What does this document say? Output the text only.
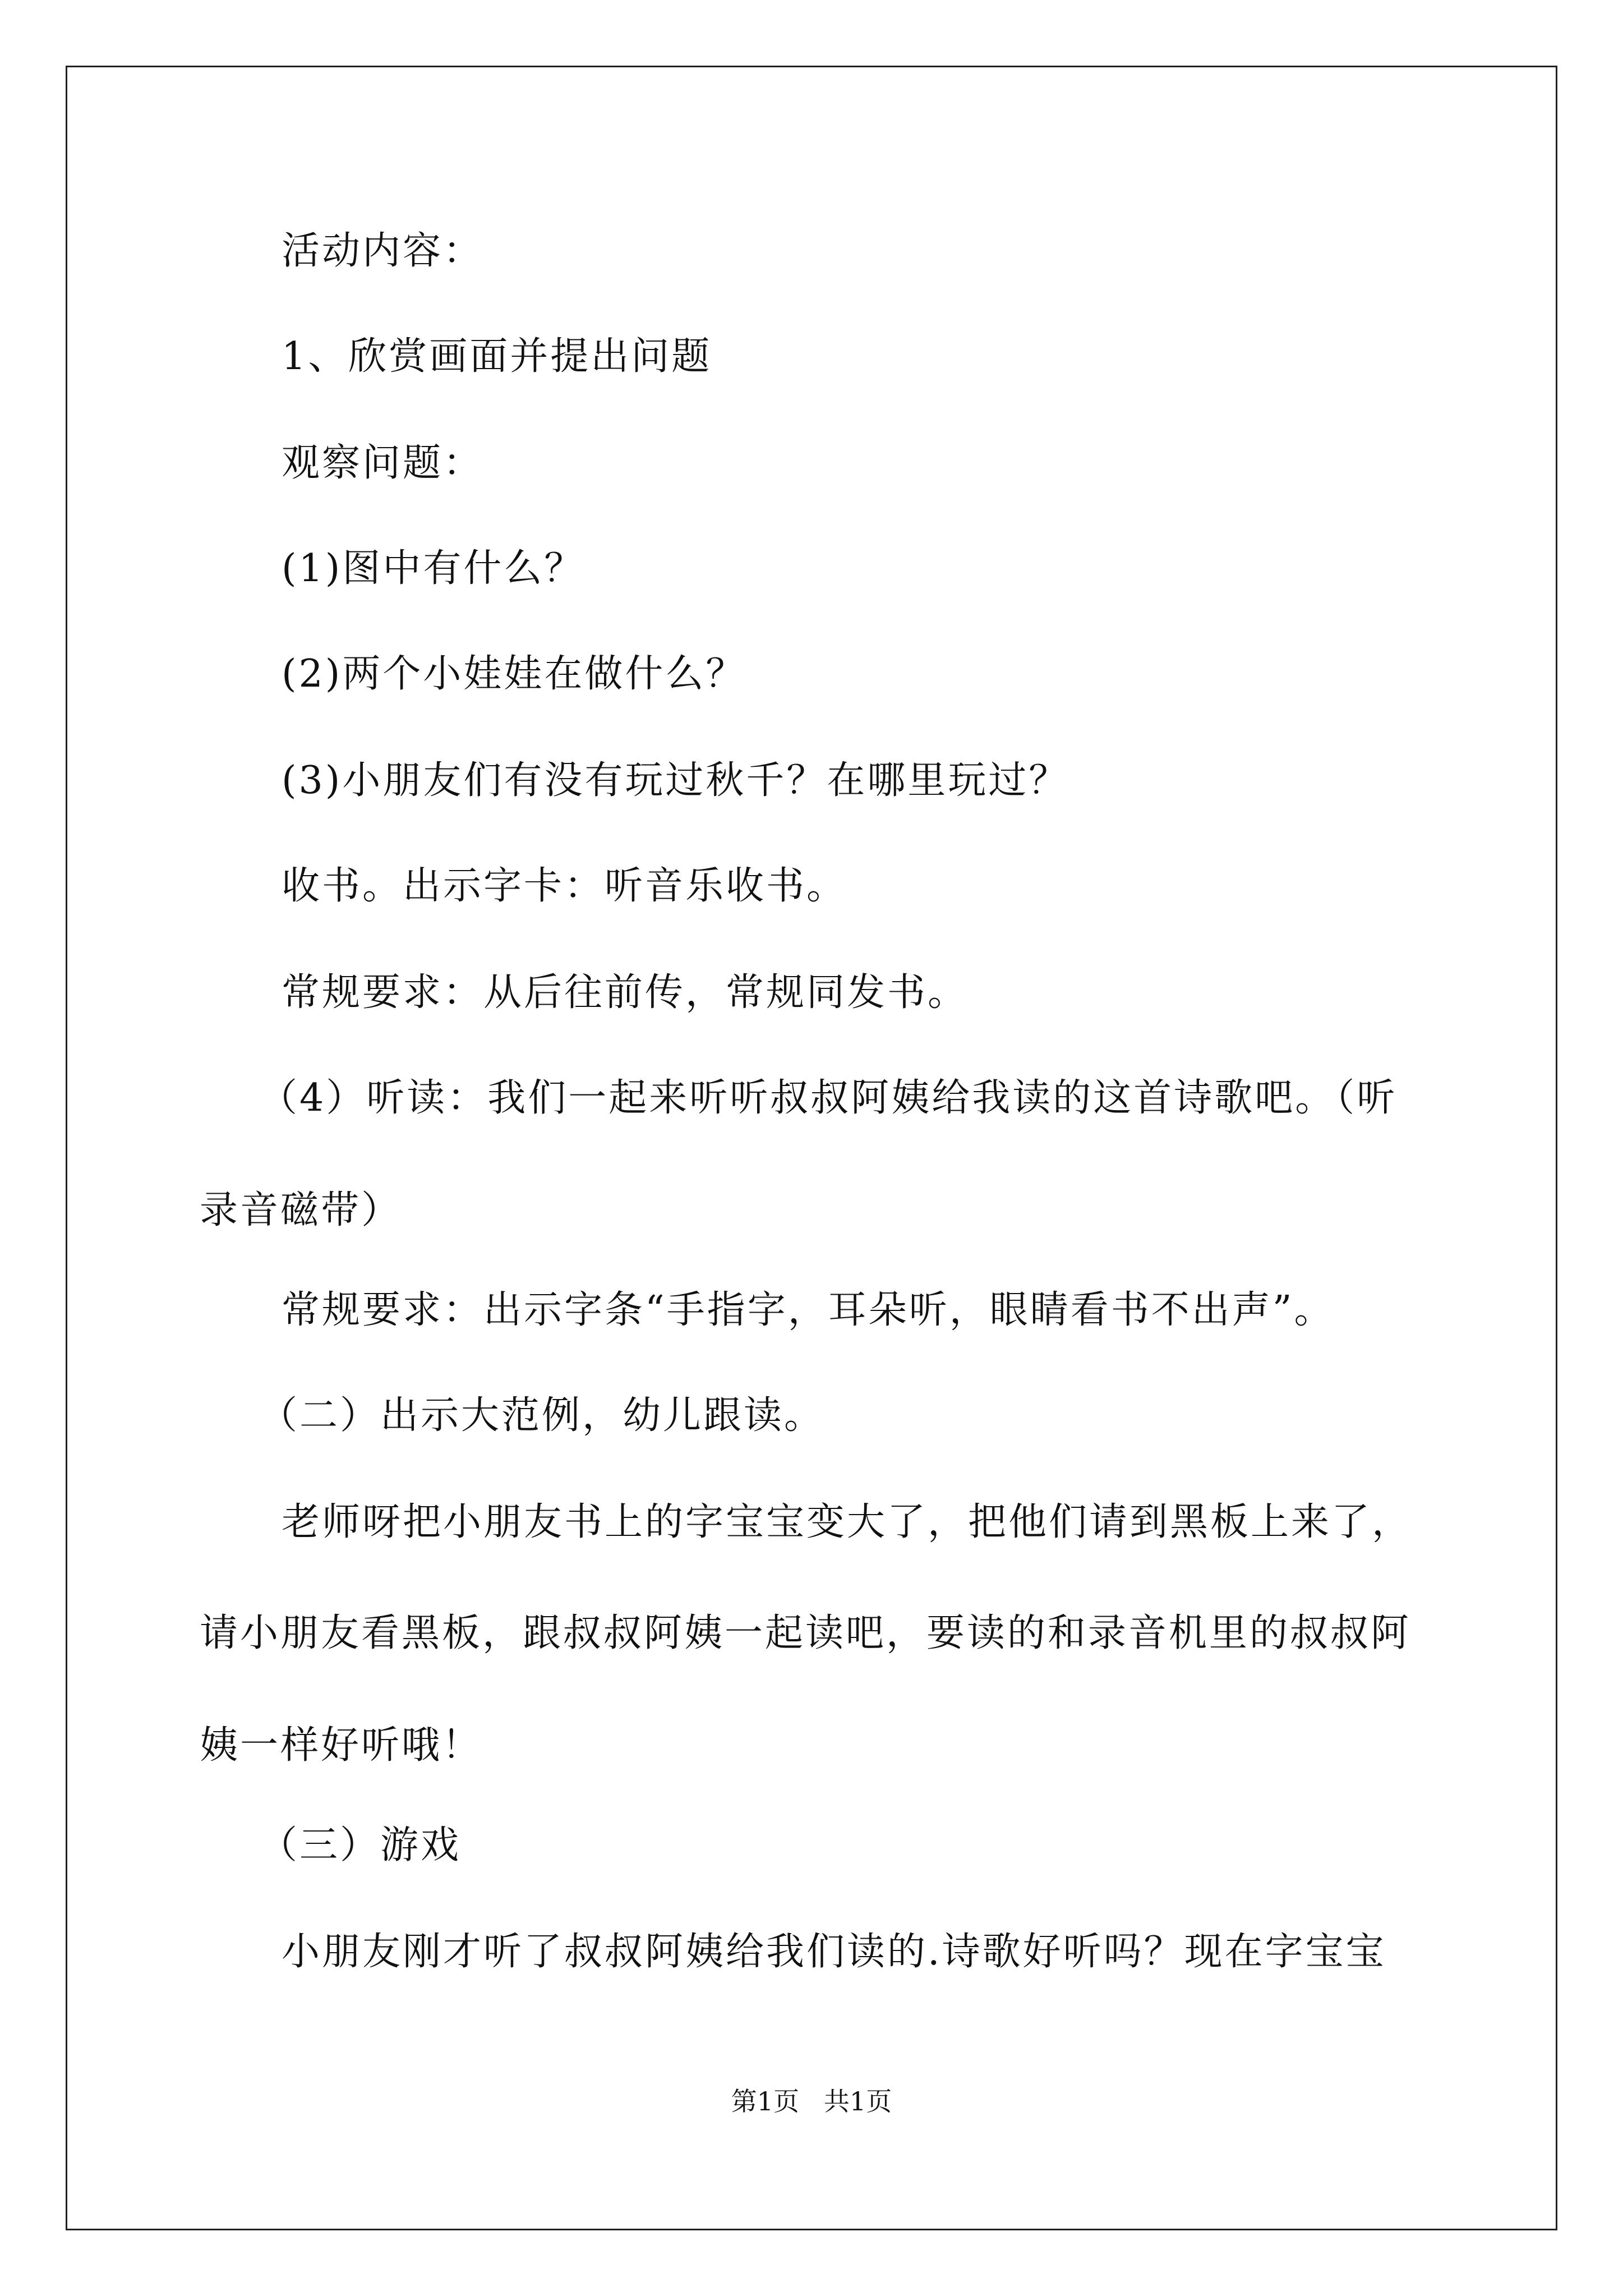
活动内容：
1、欣赏画面并提出问题
观察问题：
(1)图中有什么？
(2)两个小娃娃在做什么？
(3)小朋友们有没有玩过秋千？在哪里玩过？
收书。出示字卡：听音乐收书。
常规要求：从后往前传，常规同发书。
（4）听读：我们一起来听听叔叔阿姨给我读的这首诗歌吧。（听
录音磁带）
常规要求：出示字条“手指字，耳朵听，眼睛看书不出声”。
（二）出示大范例，幼儿跟读。
老师呀把小朋友书上的字宝宝变大了，把他们请到黑板上来了，
请小朋友看黑板，跟叔叔阿姨一起读吧，要读的和录音机里的叔叔阿
姨一样好听哦！
（三）游戏
小朋友刚才听了叔叔阿姨给我们读的.诗歌好听吗？现在字宝宝
第1页   共1页
